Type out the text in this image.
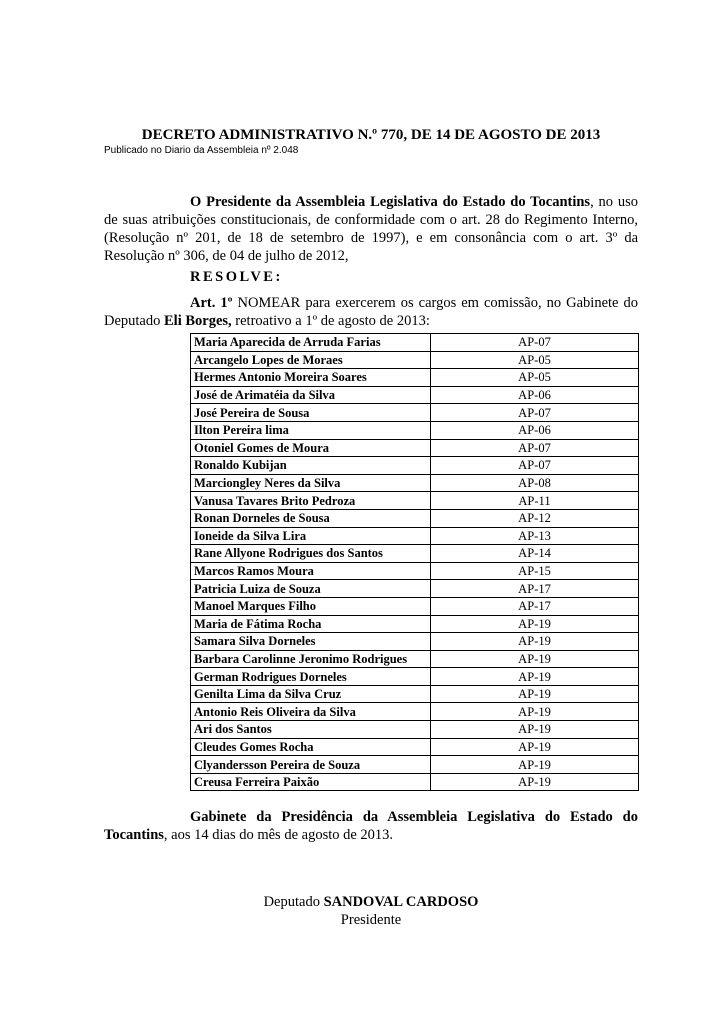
DECRETO ADMINISTRATIVO N.º 770, DE 14 DE AGOSTO DE 2013
Publicado no Diario da Assembleia nº 2.048
O Presidente da Assembleia Legislativa do Estado do Tocantins, no uso de suas atribuições constitucionais, de conformidade com o art. 28 do Regimento Interno, (Resolução nº 201, de 18 de setembro de 1997), e em consonância com o art. 3º da Resolução nº 306, de 04 de julho de 2012,
RESOLVE:
Art. 1º NOMEAR para exercerem os cargos em comissão, no Gabinete do Deputado Eli Borges, retroativo a 1º de agosto de 2013:
Maria Aparecida de Arruda Farias	AP-07
Arcangelo Lopes de Moraes	AP-05
Hermes Antonio Moreira Soares	AP-05
José de Arimatéia da Silva	AP-06
José Pereira de Sousa	AP-07
Ilton Pereira lima	AP-06
Otoniel Gomes de Moura	AP-07
Ronaldo Kubijan	AP-07
Marciongley Neres da Silva	AP-08
Vanusa Tavares Brito Pedroza	AP-11
Ronan Dorneles de Sousa	AP-12
Ioneide da Silva Lira	AP-13
Rane Allyone Rodrigues dos Santos	AP-14
Marcos Ramos Moura	AP-15
Patricia Luiza de Souza	AP-17
Manoel Marques Filho	AP-17
Maria de Fátima Rocha	AP-19
Samara Silva Dorneles	AP-19
Barbara Carolinne Jeronimo Rodrigues	AP-19
German Rodrigues Dorneles	AP-19
Genilta Lima da Silva Cruz	AP-19
Antonio Reis Oliveira da Silva	AP-19
Ari dos Santos	AP-19
Cleudes Gomes Rocha	AP-19
Clyandersson Pereira de Souza	AP-19
Creusa Ferreira Paixão	AP-19
Gabinete da Presidência da Assembleia Legislativa do Estado do Tocantins, aos 14 dias do mês de agosto de 2013.
Deputado SANDOVAL CARDOSO
Presidente
